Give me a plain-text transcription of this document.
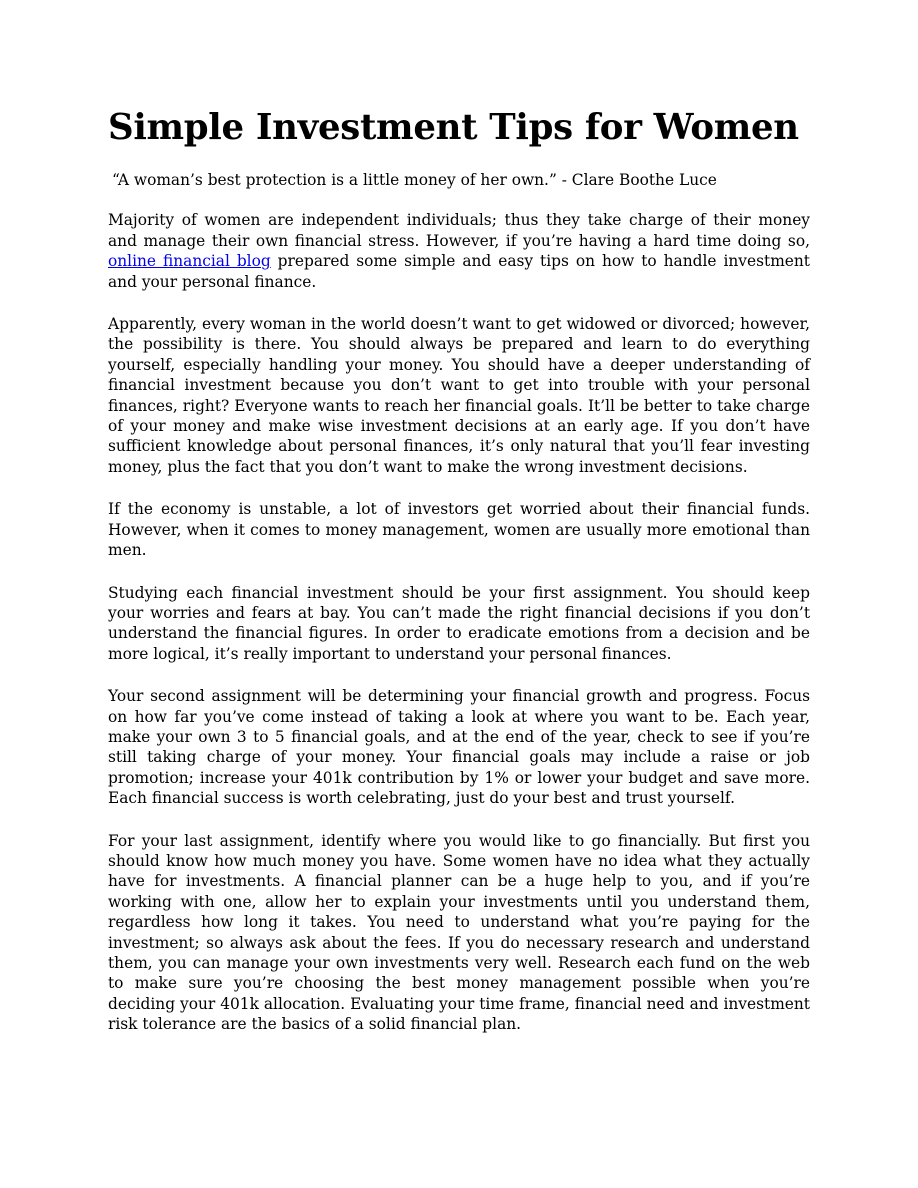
Simple Investment Tips for Women
“A woman’s best protection is a little money of her own.” - Clare Boothe Luce

Majority of women are independent individuals; thus they take charge of their money and manage their own financial stress. However, if you’re having a hard time doing so, online financial blog prepared some simple and easy tips on how to handle investment and your personal finance.

Apparently, every woman in the world doesn’t want to get widowed or divorced; however, the possibility is there. You should always be prepared and learn to do everything yourself, especially handling your money. You should have a deeper understanding of financial investment because you don’t want to get into trouble with your personal finances, right? Everyone wants to reach her financial goals. It’ll be better to take charge of your money and make wise investment decisions at an early age. If you don’t have sufficient knowledge about personal finances, it’s only natural that you’ll fear investing money, plus the fact that you don’t want to make the wrong investment decisions.

If the economy is unstable, a lot of investors get worried about their financial funds. However, when it comes to money management, women are usually more emotional than men.

Studying each financial investment should be your first assignment. You should keep your worries and fears at bay. You can’t made the right financial decisions if you don’t understand the financial figures. In order to eradicate emotions from a decision and be more logical, it’s really important to understand your personal finances.

Your second assignment will be determining your financial growth and progress. Focus on how far you’ve come instead of taking a look at where you want to be. Each year, make your own 3 to 5 financial goals, and at the end of the year, check to see if you’re still taking charge of your money. Your financial goals may include a raise or job promotion; increase your 401k contribution by 1% or lower your budget and save more. Each financial success is worth celebrating, just do your best and trust yourself.

For your last assignment, identify where you would like to go financially. But first you should know how much money you have. Some women have no idea what they actually have for investments. A financial planner can be a huge help to you, and if you’re working with one, allow her to explain your investments until you understand them, regardless how long it takes. You need to understand what you’re paying for the investment; so always ask about the fees. If you do necessary research and understand them, you can manage your own investments very well. Research each fund on the web to make sure you’re choosing the best money management possible when you’re deciding your 401k allocation. Evaluating your time frame, financial need and investment risk tolerance are the basics of a solid financial plan.
